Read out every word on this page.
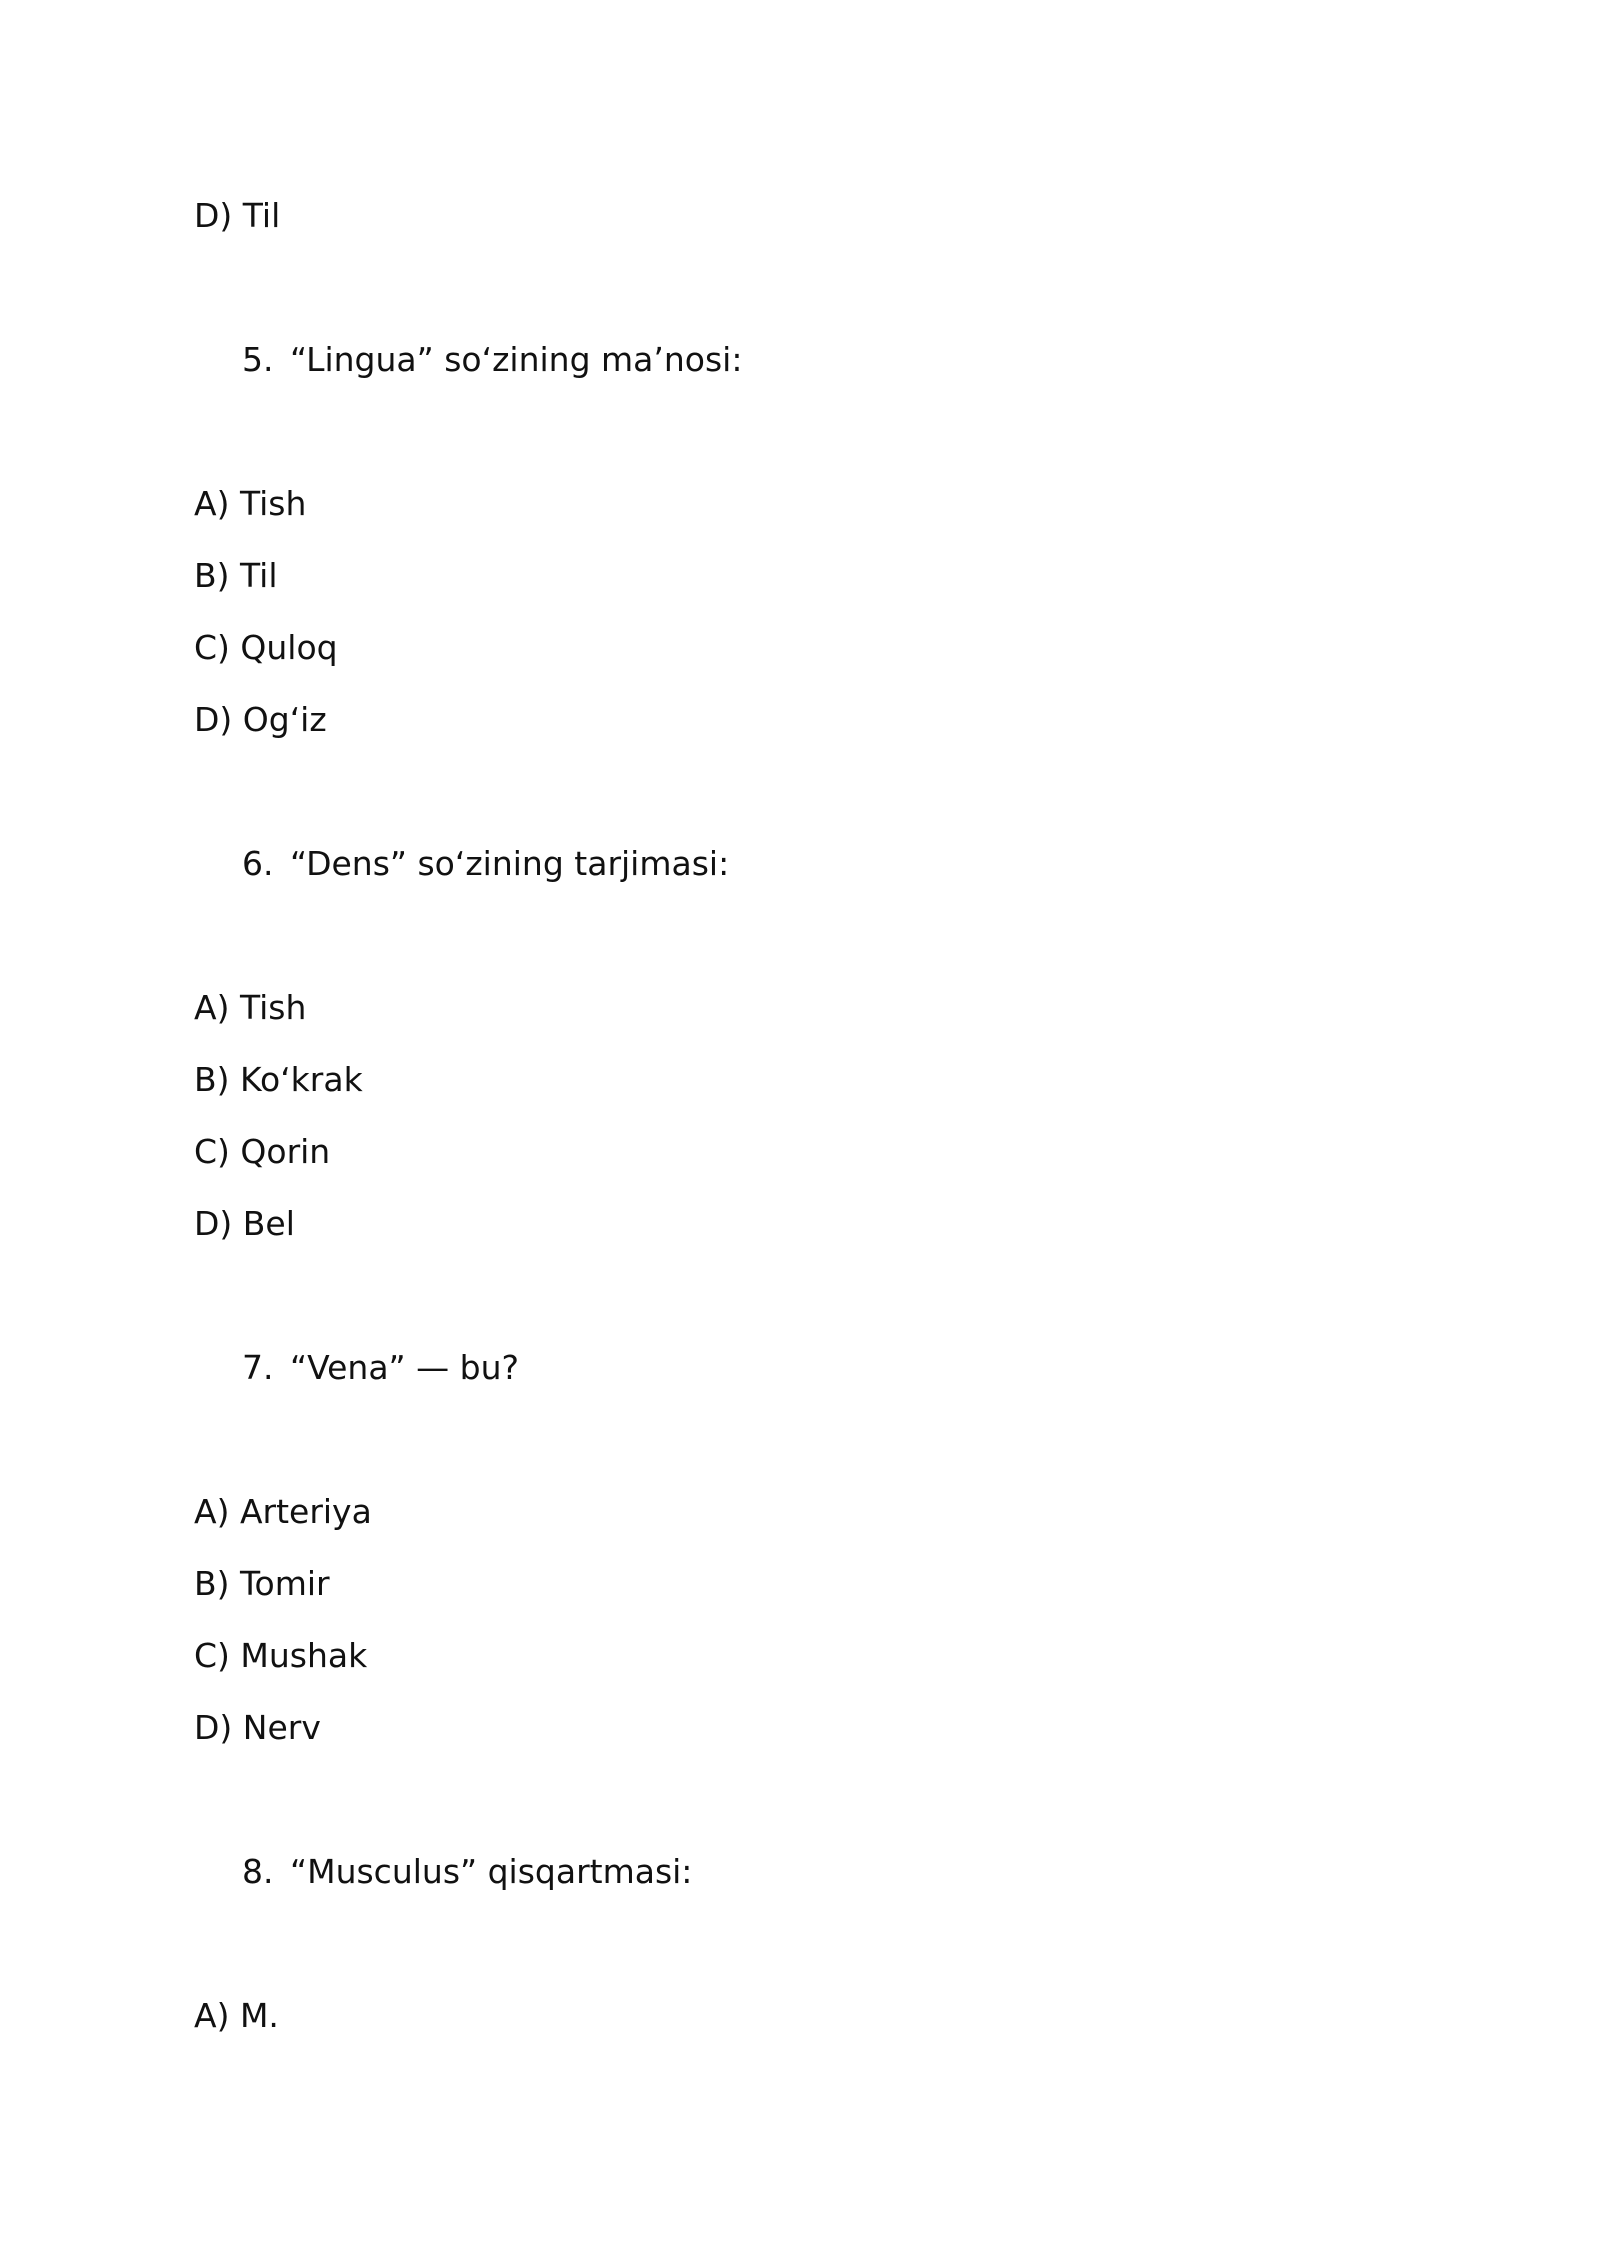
D) Til
5. “Lingua” so‘zining ma’nosi:
A) Tish
B) Til
C) Quloq
D) Og‘iz
6. “Dens” so‘zining tarjimasi:
A) Tish
B) Ko‘krak
C) Qorin
D) Bel
7. “Vena” — bu?
A) Arteriya
B) Tomir
C) Mushak
D) Nerv
8. “Musculus” qisqartmasi:
A) M.
